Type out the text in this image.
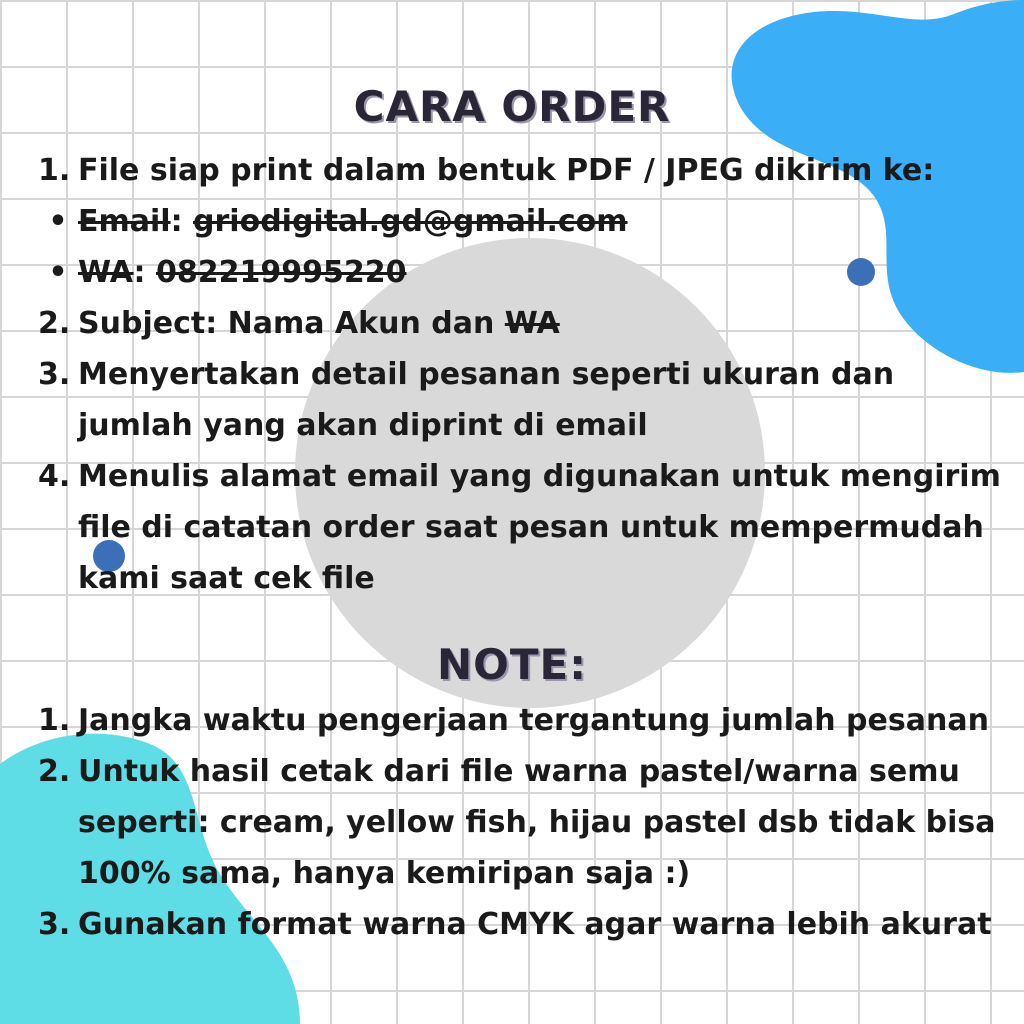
CARA ORDER
1. File siap print dalam bentuk PDF / JPEG dikirim ke:
• Email: griodigital.gd@gmail.com
• WA: 082219995220
2. Subject: Nama Akun dan WA
3. Menyertakan detail pesanan seperti ukuran dan jumlah yang akan diprint di email
4. Menulis alamat email yang digunakan untuk mengirim file di catatan order saat pesan untuk mempermudah kami saat cek file
NOTE:
1. Jangka waktu pengerjaan tergantung jumlah pesanan
2. Untuk hasil cetak dari file warna pastel/warna semu seperti: cream, yellow fish, hijau pastel dsb tidak bisa 100% sama, hanya kemiripan saja :)
3. Gunakan format warna CMYK agar warna lebih akurat
